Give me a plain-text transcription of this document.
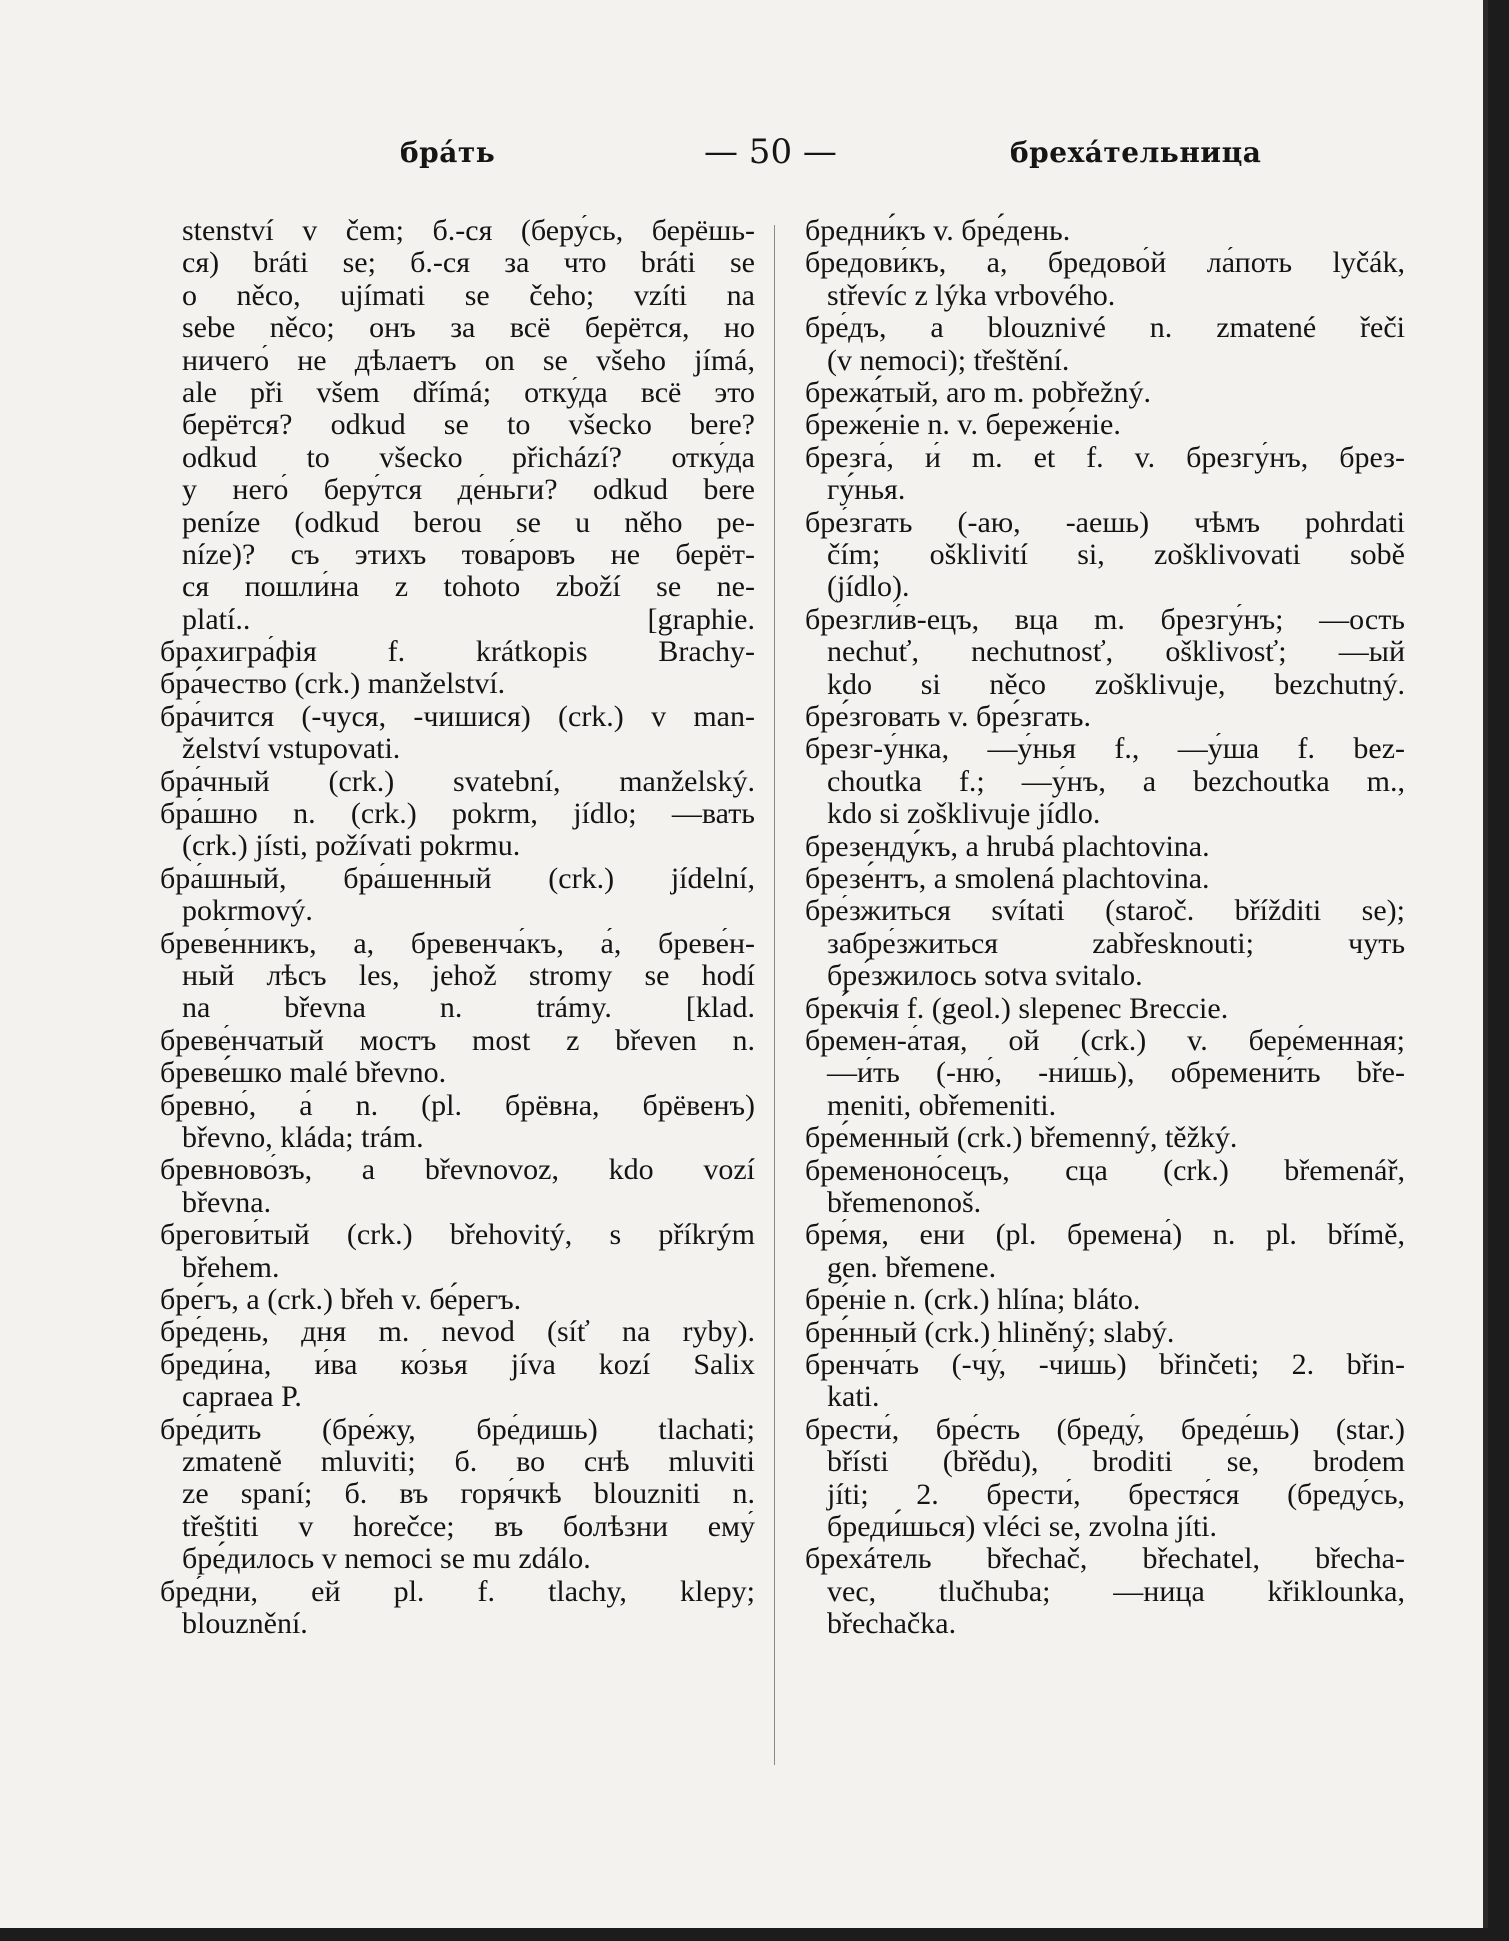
бра́ть	— 50 —	брехáтельница
stenství v čem; б.-ся (беру́сь, берёшь-
ся) bráti se; б.-ся за что bráti se
o něco, ujímati se čeho; vzíti na
sebe něco; онъ за всё берётся, но
ничего́ не дѣлаетъ on se všeho jímá,
ale při všem dřímá; отку́да всё это
берётся? odkud se to všecko bere?
odkud to všecko přichází? отку́да
у него́ беру́тся де́ньги? odkud bere
peníze (odkud berou se u něho pe-
níze)? съ этихъ това́ровъ не берёт-
ся пошли́на z tohoto zboží se ne-
platí.. [graphie.
брахигра́фія f. krátkopis Brachy-
бра́чество (crk.) manželství.
бра́чится (-чуся, -чишися) (crk.) v man-
želství vstupovati.
бра́чный (crk.) svatební, manželský.
бра́шно n. (crk.) pokrm, jídlo; —вать
(crk.) jísti, požívati pokrmu.
бра́шный, бра́шенный (crk.) jídelní,
pokrmový.
бреве́нникъ, а, бревенча́къ, а́, бреве́н-
ный лѣсъ les, jehož stromy se hodí
na břevna n. trámy. [klad.
бреве́нчатый мостъ most z břeven n.
бреве́шко malé břevno.
бревно́, а́ n. (pl. брёвна, брёвенъ)
břevno, kláda; trám.
бревново́зъ, а břevnovoz, kdo vozí
břevna.
брегови́тый (crk.) břehovitý, s příkrým
břehem.
бре́гъ, а (crk.) břeh v. бе́регъ.
бре́день, дня m. nevod (síť na ryby).
бреди́на, и́ва ко́зья jíva kozí Salix
capraea P.
бре́дить (бре́жу, бре́дишь) tlachati;
zmateně mluviti; б. во снѣ mluviti
ze spaní; б. въ горя́чкѣ blouzniti n.
třeštiti v horečce; въ болѣзни ему́
бре́дилось v nemoci se mu zdálo.
бре́дни, ей pl. f. tlachy, klepy;
blouznění.
бредни́къ v. бре́день.
бредови́къ, а, бредово́й ла́поть lyčák,
střevíc z lýka vrbového.
бре́дъ, а blouznivé n. zmatené řeči
(v nemoci); třeštění.
брежа́тый, аго m. pobřežný.
бреже́ніе n. v. береже́ніе.
брезга́, и́ m. et f. v. брезгу́нъ, брез-
гу́нья.
бре́згать (-аю, -аешь) чѣмъ pohrdati
čím; ošklivití si, zošklivovati sobě
(jídlo).
брезгли́в-ецъ, вца m. брезгу́нъ; —ость
nechuť, nechutnosť, ošklivosť; —ый
kdo si něco zošklivuje, bezchutný.
бре́зговать v. бре́згать.
брезг-у́нка, —у́нья f., —у́ша f. bez-
choutka f.; —у́нъ, а bezchoutka m.,
kdo si zošklivuje jídlo.
брезенду́къ, а hrubá plachtovina.
брезе́нтъ, а smolená plachtovina.
бре́зжиться svítati (staroč. břížditi se);
забре́зжиться zabřesknouti; чуть
бре́зжилось sotva svitalo.
бре́кчія f. (geol.) slepenec Breccie.
бремен-а́тая, ой (crk.) v. бере́менная;
—и́ть (-ню́, -ни́шь), обремени́ть bře-
meniti, obřemeniti.
бре́менный (crk.) břemenný, těžký.
бременоно́сецъ, сца (crk.) břemenář,
břemenonoš.
бре́мя, ени (pl. бремена́) n. pl. břímě,
gen. břemene.
бре́ніе n. (crk.) hlína; bláto.
бре́нный (crk.) hliněný; slabý.
бренча́ть (-чу́, -чи́шь) břinčeti; 2. břin-
kati.
брести́, бре́сть (бреду́, бреде́шь) (star.)
břísti (břědu), broditi se, brodem
jíti; 2. брести́, брестя́ся (бреду́сь,
бреди́шься) vléci se, zvolna jíti.
брехáтель břechač, břechatel, břecha-
vec, tlučhuba; —ница křiklounka,
břechačka.
